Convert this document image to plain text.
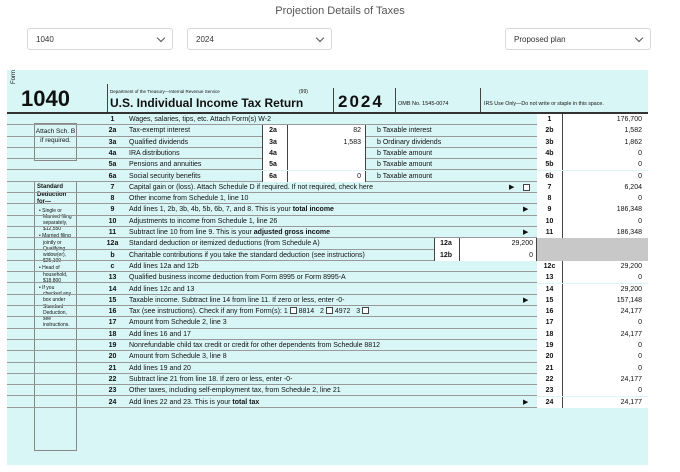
Projection Details of Taxes
1040	2024	Proposed plan
Form
1040	Department of the Treasury—Internal Revenue Service	(99)
U.S. Individual Income Tax Return 2024	OMB No. 1545-0074	IRS Use Only—Do not write or staple in this space.
Attach Sch. B if required.
Standard Deduction for—
• Single or Married filing separately, $12,550
• Married filing jointly or Qualifying widow(er), $25,100
• Head of household, $18,800
• If you checked any box under Standard Deduction, see instructions.
1	Wages, salaries, tips, etc. Attach Form(s) W-2	1	176,700
2a	Tax-exempt interest	2a	82 b Taxable interest	2b	1,582
3a	Qualified dividends	3a	1,583 b Ordinary dividends	3b	1,862
4a	IRA distributions	4a	b Taxable amount	4b	0
5a	Pensions and annuities	5a	b Taxable amount	5b	0
6a	Social security benefits	6a	0 b Taxable amount	6b	0
7	Capital gain or (loss). Attach Schedule D if required. If not required, check here	▶	7	6,204
8	Other income from Schedule 1, line 10	8	0
9	Add lines 1, 2b, 3b, 4b, 5b, 6b, 7, and 8. This is your total income	▶	9	186,348
10	Adjustments to income from Schedule 1, line 26	10	0
11	Subtract line 10 from line 9. This is your adjusted gross income	▶	11	186,348
12a	Standard deduction or itemized deductions (from Schedule A)	12a	29,200
b	Charitable contributions if you take the standard deduction (see instructions)	12b	0
c	Add lines 12a and 12b	12c	29,200
13	Qualified business income deduction from Form 8995 or Form 8995-A	13	0
14	Add lines 12c and 13	14	29,200
15	Taxable income. Subtract line 14 from line 11. If zero or less, enter -0-	▶	15	157,148
16	Tax (see instructions). Check if any from Form(s): 1 8814 2 4972 3	16	24,177
17	Amount from Schedule 2, line 3	17	0
18	Add lines 16 and 17	18	24,177
19	Nonrefundable child tax credit or credit for other dependents from Schedule 8812	19	0
20	Amount from Schedule 3, line 8	20	0
21	Add lines 19 and 20	21	0
22	Subtract line 21 from line 18. If zero or less, enter -0-	22	24,177
23	Other taxes, including self-employment tax, from Schedule 2, line 21	23	0
24	Add lines 22 and 23. This is your total tax	▶	24	24,177
